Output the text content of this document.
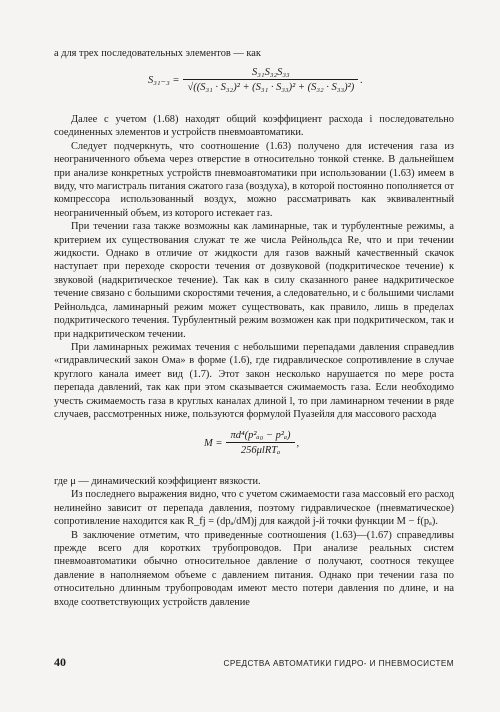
а для трех последовательных элементов — как

$S_{31-3} = \frac{\text{S₃₁S₃₂S₃₃}}{\text{√((S₃₁ · S₃₂)² + (S₃₁ · S₃₃)² + (S₃₂ · S₃₃)²)}}$ .

Далее с учетом (1.68) находят общий коэффициент расхода i последовательно соединенных элементов и устройств пневмоавтоматики.

Следует подчеркнуть, что соотношение (1.63) получено для истечения газа из неограниченного объема через отверстие в относительно тонкой стенке. В дальнейшем при анализе конкретных устройств пневмоавтоматики при использовании (1.63) имеем в виду, что магистраль питания сжатого газа (воздуха), в которой постоянно пополняется от компрессора использованный воздух, можно рассматривать как эквивалентный неограниченный объем, из которого истекает газ.

При течении газа также возможны как ламинарные, так и турбулентные режимы, а критерием их существования служат те же числа Рейнольдса Re, что и при течении жидкости. Однако в отличие от жидкости для газов важный качественный скачок наступает при переходе скорости течения от дозвуковой (подкритическое течение) к звуковой (надкритическое течение). Так как в силу сказанного ранее надкритическое течение связано с большими скоростями течения, а следовательно, и с большими числами Рейнольдса, ламинарный режим может существовать, как правило, лишь в пределах подкритического течения. Турбулентный режим возможен как при подкритическом, так и при надкритическом течении.

При ламинарных режимах течения с небольшими перепадами давления справедлив «гидравлический закон Ома» в форме (1.6), где гидравлическое сопротивление в случае круглого канала имеет вид (1.7). Этот закон несколько нарушается по мере роста перепада давлений, так как при этом сказывается сжимаемость газа. Если необходимо учесть сжимаемость газа в круглых каналах длиной l, то при ламинарном течении в ряде случаев, рассмотренных ниже, пользуются формулой Пуазейля для массового расхода

$M = \frac{\text{πd⁴(p²ₐ₀ − p²ₐ)}}{\text{256μlRTₐ}}$ ,

где μ — динамический коэффициент вязкости.

Из последнего выражения видно, что с учетом сжимаемости газа массовый его расход нелинейно зависит от перепада давления, поэтому гидравлическое (пневматическое) сопротивление находится как R_fj = (dpₐ/dM)j для каждой j-й точки функции M − f(pₐ).

В заключение отметим, что приведенные соотношения (1.63)—(1.67) справедливы прежде всего для коротких трубопроводов. При анализе реальных систем пневмоавтоматики обычно относительное давление σ получают, соотнося текущее давление в наполняемом объеме с давлением питания. Однако при течении газа по относительно длинным трубопроводам имеют место потери давления по длине, и на входе соответствующих устройств давление

40	СРЕДСТВА АВТОМАТИКИ ГИДРО- И ПНЕВМОСИСТЕМ
